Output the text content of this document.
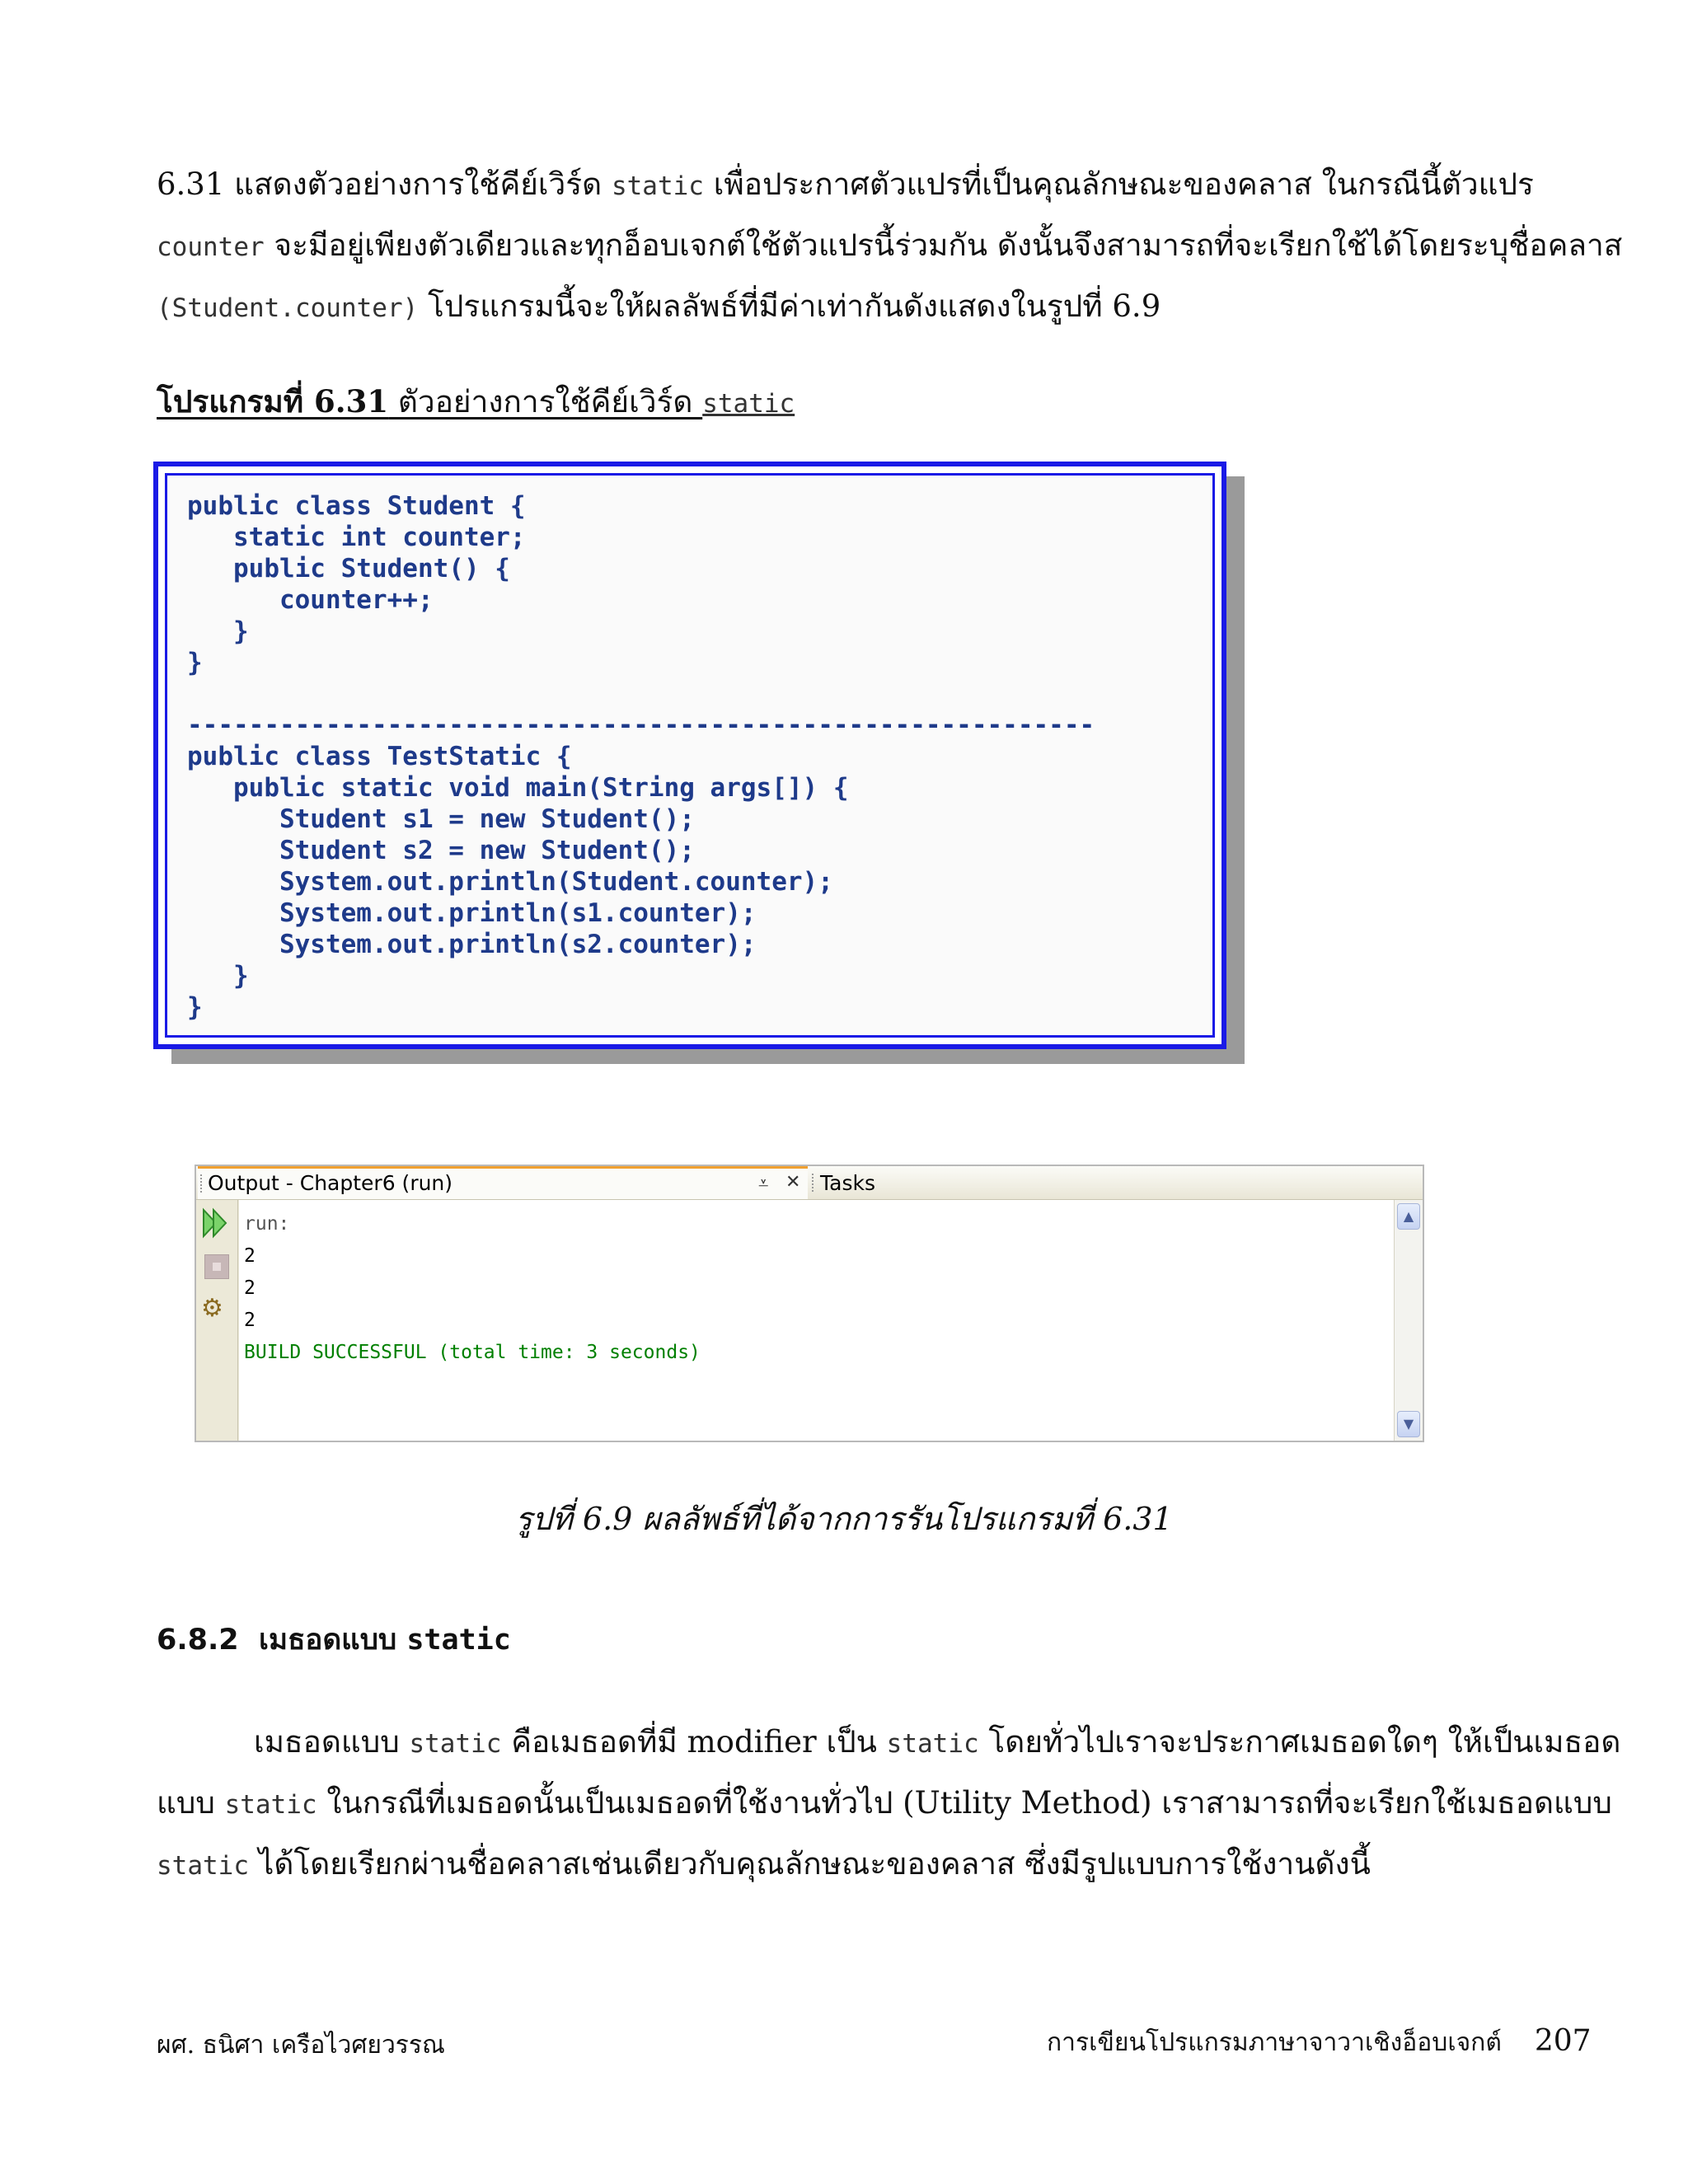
6.31 แสดงตัวอย่างการใช้คีย์เวิร์ด static เพื่อประกาศตัวแปรที่เป็นคุณลักษณะของคลาส ในกรณีนี้ตัวแปร
counter จะมีอยู่เพียงตัวเดียวและทุกอ็อบเจกต์ใช้ตัวแปรนี้ร่วมกัน ดังนั้นจึงสามารถที่จะเรียกใช้ได้โดยระบุชื่อคลาส
(Student.counter) โปรแกรมนี้จะให้ผลลัพธ์ที่มีค่าเท่ากันดังแสดงในรูปที่ 6.9
โปรแกรมที่ 6.31 ตัวอย่างการใช้คีย์เวิร์ด static
public class Student {
static int counter;
public Student() {
counter++;
}
}
-----------------------------------------------------------
public class TestStatic {
public static void main(String args[]) {
Student s1 = new Student();
Student s2 = new Student();
System.out.println(Student.counter);
System.out.println(s1.counter);
System.out.println(s2.counter);
}
}
Output - Chapter6 (run)	⩡ ✕ Tasks
⚙
run:
2
2
2
BUILD SUCCESSFUL (total time: 3 seconds)
▲
▼
รูปที่ 6.9 ผลลัพธ์ที่ได้จากการรันโปรแกรมที่ 6.31
6.8.2 เมธอดแบบ static
เมธอดแบบ static คือเมธอดที่มี modifier เป็น static โดยทั่วไปเราจะประกาศเมธอดใดๆ ให้เป็นเมธอด
แบบ static ในกรณีที่เมธอดนั้นเป็นเมธอดที่ใช้งานทั่วไป (Utility Method) เราสามารถที่จะเรียกใช้เมธอดแบบ
static ได้โดยเรียกผ่านชื่อคลาสเช่นเดียวกับคุณลักษณะของคลาส ซึ่งมีรูปแบบการใช้งานดังนี้
ผศ. ธนิศา เครือไวศยวรรณ	การเขียนโปรแกรมภาษาจาวาเชิงอ็อบเจกต์ 207
